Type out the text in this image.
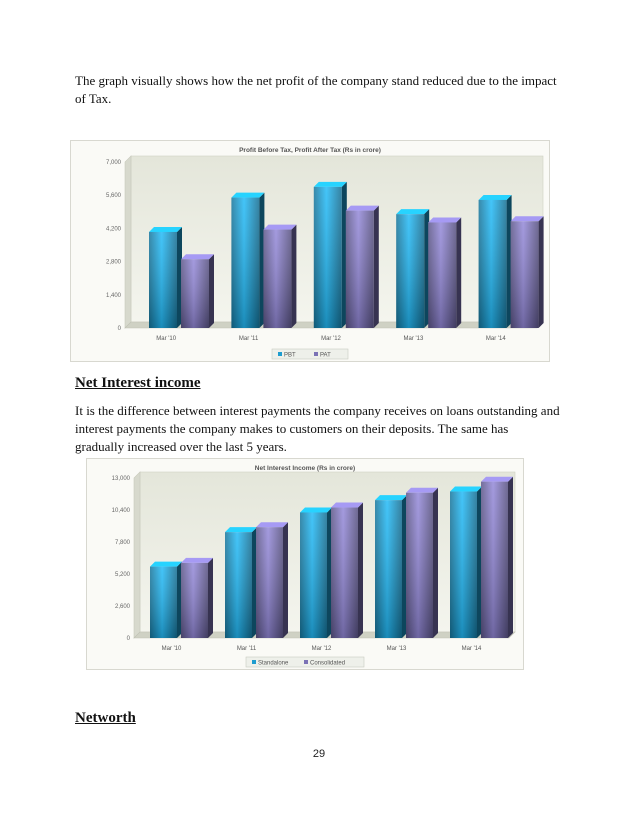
The graph visually shows how the net profit of the company stand reduced due to the impact of Tax.

Profit Before Tax, Profit After Tax (Rs in crore)
0
1,400
2,800
4,200
5,600
7,000
Mar '10	Mar '11	Mar '12	Mar '13	Mar '14
PBT	PAT

Net Interest income

It is the difference between interest payments the company receives on loans outstanding and interest payments the company makes to customers on their deposits. The same has gradually increased over the last 5 years.

Net Interest Income (Rs in crore)
0
2,600
5,200
7,800
10,400
13,000
Mar '10	Mar '11	Mar '12	Mar '13	Mar '14
Standalone	Consolidated

Networth

29
